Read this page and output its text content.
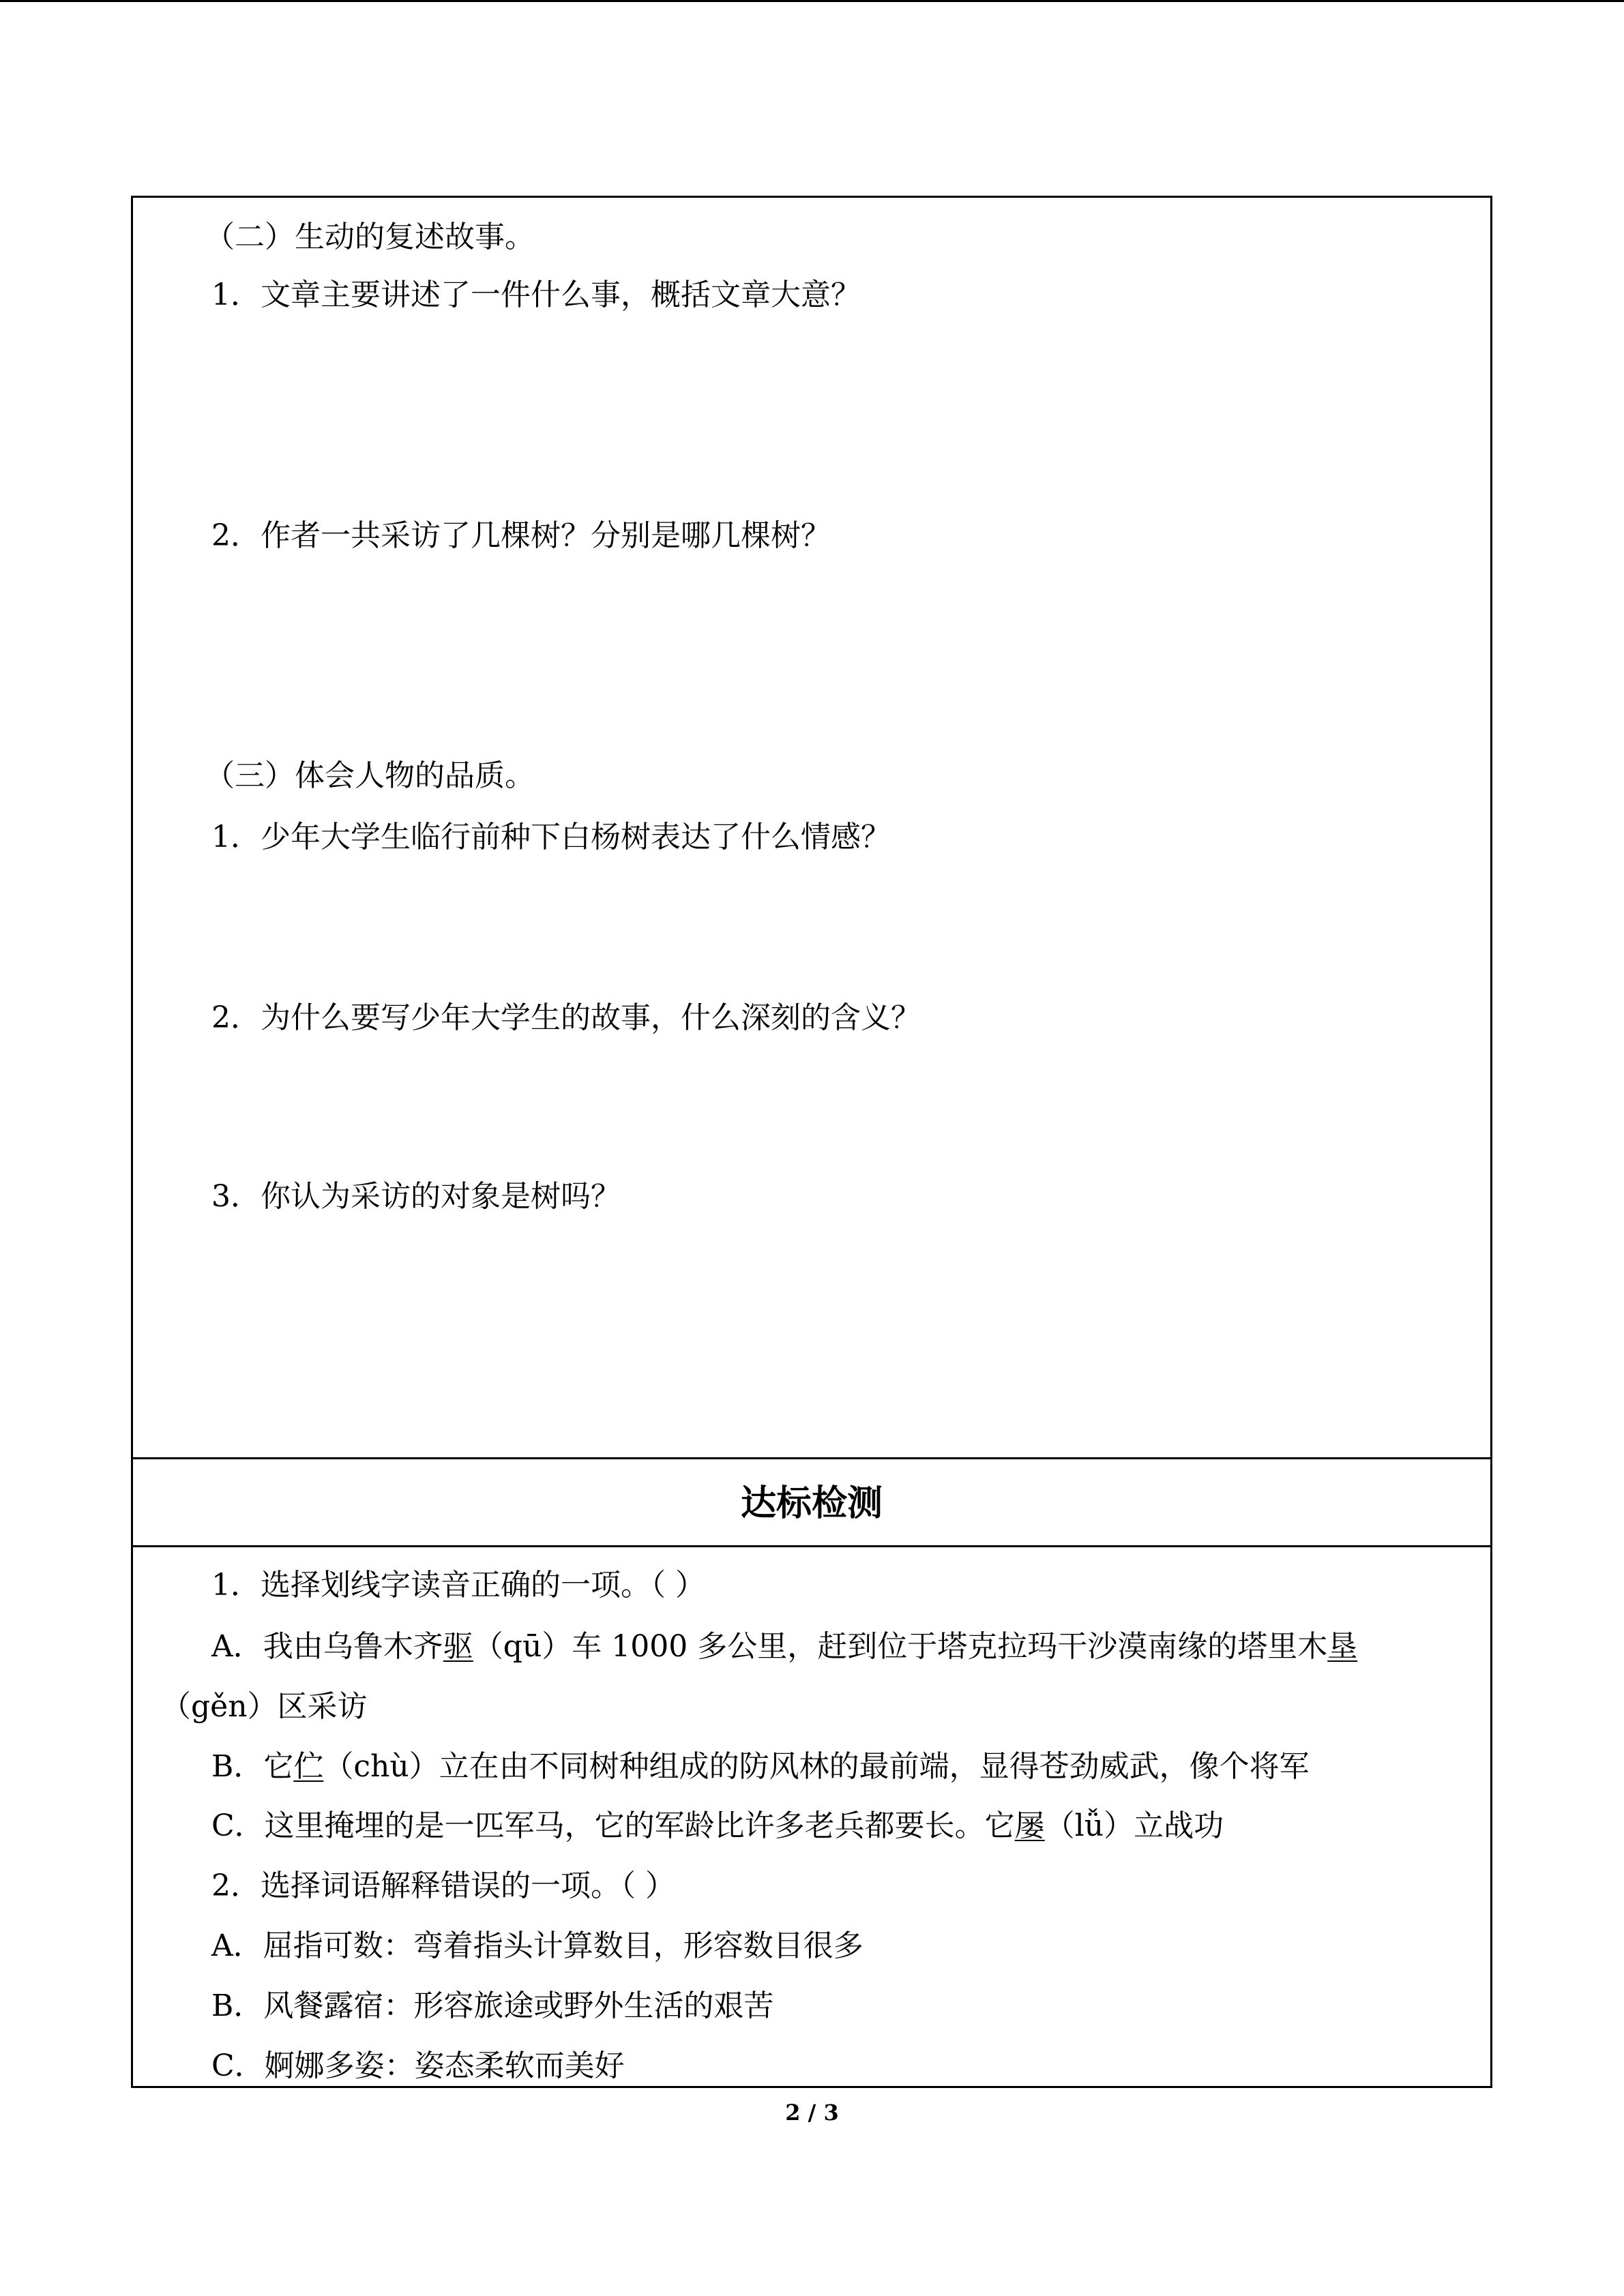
（二）生动的复述故事。
1．文章主要讲述了一件什么事，概括文章大意？
2．作者一共采访了几棵树？分别是哪几棵树？
（三）体会人物的品质。
1．少年大学生临行前种下白杨树表达了什么情感？
2．为什么要写少年大学生的故事，什么深刻的含义？
3．你认为采访的对象是树吗？
达标检测
1．选择划线字读音正确的一项。（ ）
A．我由乌鲁木齐驱（qū）车 1000 多公里，赶到位于塔克拉玛干沙漠南缘的塔里木垦
（gěn）区采访
B．它伫（chù）立在由不同树种组成的防风林的最前端，显得苍劲威武，像个将军
C．这里掩埋的是一匹军马，它的军龄比许多老兵都要长。它屡（lǚ）立战功
2．选择词语解释错误的一项。（ ）
A．屈指可数：弯着指头计算数目，形容数目很多
B．风餐露宿：形容旅途或野外生活的艰苦
C．婀娜多姿：姿态柔软而美好
2 / 3
